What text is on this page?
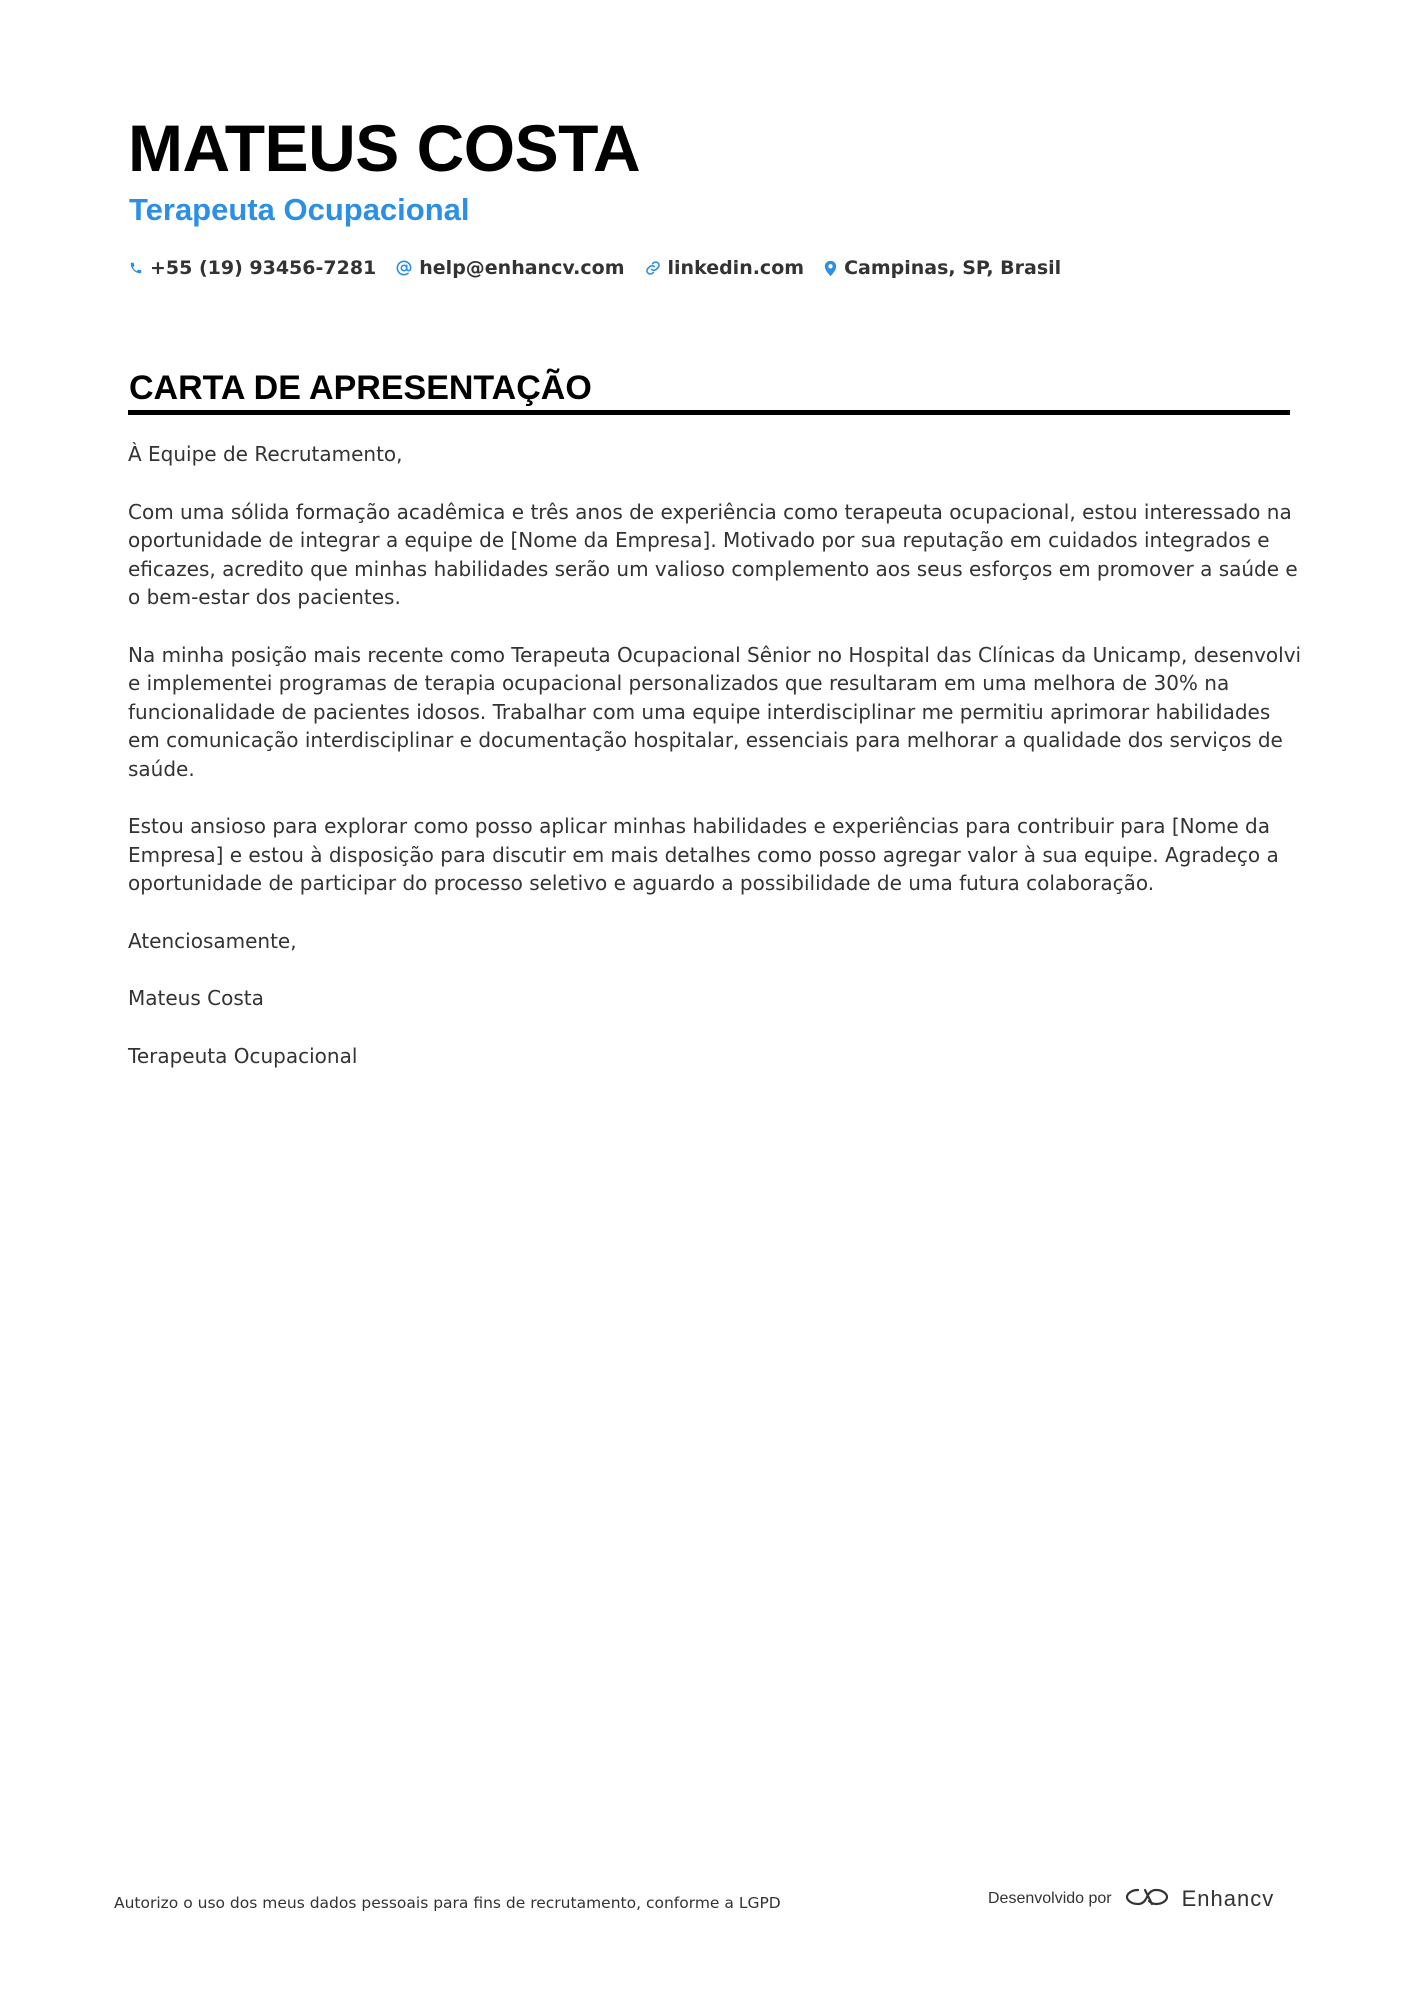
MATEUS COSTA
Terapeuta Ocupacional
+55 (19) 93456-7281 help@enhancv.com linkedin.com Campinas, SP, Brasil
CARTA DE APRESENTAÇÃO

À Equipe de Recrutamento,

Com uma sólida formação acadêmica e três anos de experiência como terapeuta ocupacional, estou interessado na oportunidade de integrar a equipe de [Nome da Empresa]. Motivado por sua reputação em cuidados integrados e eficazes, acredito que minhas habilidades serão um valioso complemento aos seus esforços em promover a saúde e o bem-estar dos pacientes.

Na minha posição mais recente como Terapeuta Ocupacional Sênior no Hospital das Clínicas da Unicamp, desenvolvi e implementei programas de terapia ocupacional personalizados que resultaram em uma melhora de 30% na funcionalidade de pacientes idosos. Trabalhar com uma equipe interdisciplinar me permitiu aprimorar habilidades em comunicação interdisciplinar e documentação hospitalar, essenciais para melhorar a qualidade dos serviços de saúde.

Estou ansioso para explorar como posso aplicar minhas habilidades e experiências para contribuir para [Nome da Empresa] e estou à disposição para discutir em mais detalhes como posso agregar valor à sua equipe. Agradeço a oportunidade de participar do processo seletivo e aguardo a possibilidade de uma futura colaboração.

Atenciosamente,

Mateus Costa

Terapeuta Ocupacional

Autorizo o uso dos meus dados pessoais para fins de recrutamento, conforme a LGPD	Desenvolvido por	Enhancv
